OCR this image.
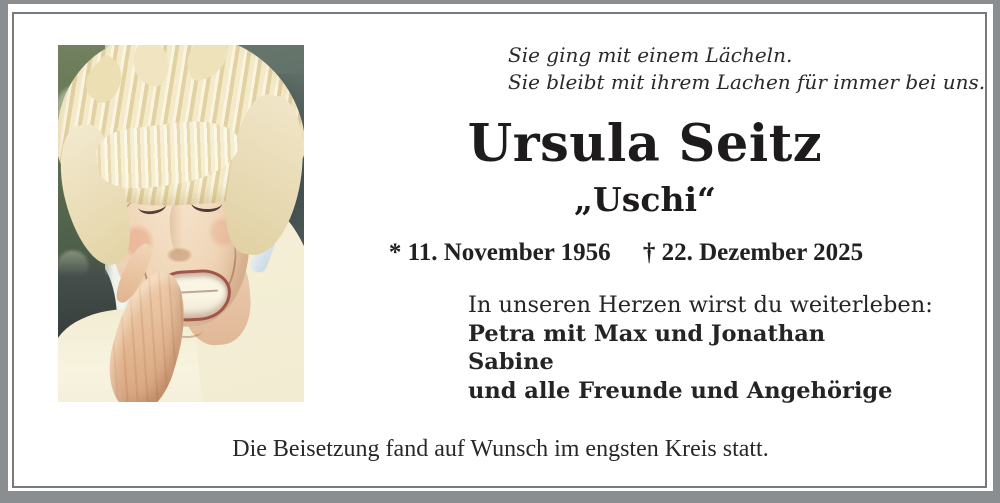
Sie ging mit einem Lächeln.
Sie bleibt mit ihrem Lachen für immer bei uns.
Ursula Seitz
„Uschi“
* 11. November 1956 † 22. Dezember 2025
In unseren Herzen wirst du weiterleben:
Petra mit Max und Jonathan
Sabine
und alle Freunde und Angehörige
Die Beisetzung fand auf Wunsch im engsten Kreis statt.
